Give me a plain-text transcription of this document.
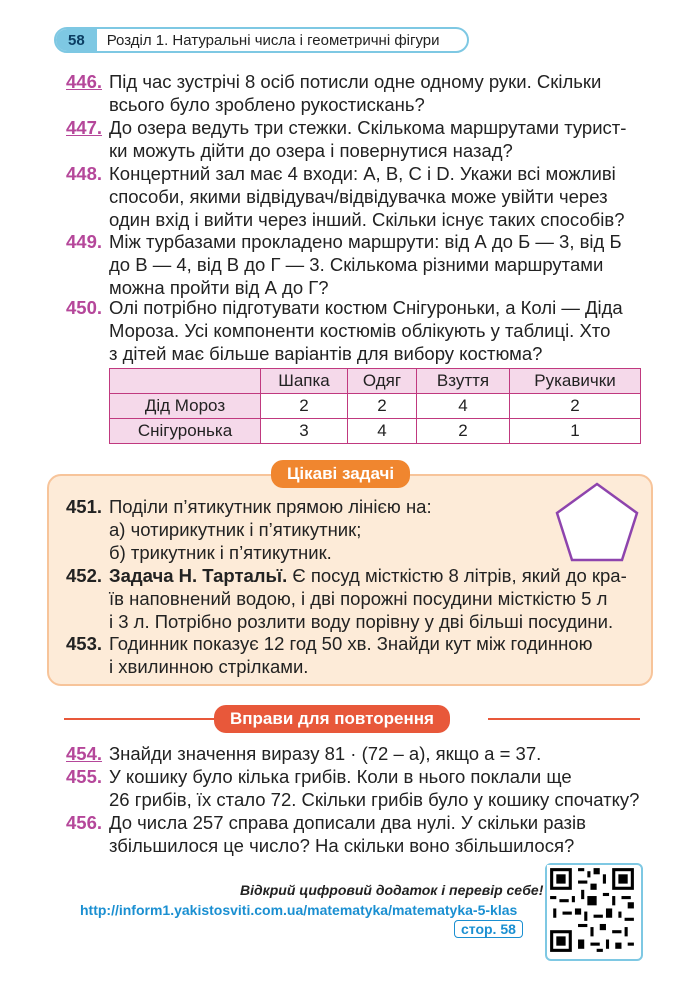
58	Розділ 1. Натуральні числа і геометричні фігури
446. Під час зустрічі 8 осіб потисли одне одному руки. Скільки
всього було зроблено рукостискань?
447. До озера ведуть три стежки. Скількома маршрутами турист-
ки можуть дійти до озера і повернутися назад?
448. Концертний зал має 4 входи: A, B, C і D. Укажи всі можливі
способи, якими відвідувач/відвідувачка може увійти через
один вхід і вийти через інший. Скільки існує таких способів?
449. Між турбазами прокладено маршрути: від А до Б — 3, від Б
до В — 4, від В до Г — 3. Скількома різними маршрутами
можна пройти від А до Г?
450. Олі потрібно підготувати костюм Снігуроньки, а Колі — Діда
Мороза. Усі компоненти костюмів облікують у таблиці. Хто
з дітей має більше варіантів для вибору костюма?
	Шапка	Одяг	Взуття	Рукавички
Дід Мороз	2	2	4	2
Снігуронька	3	4	2	1
Цікаві задачі
451. Поділи п’ятикутник прямою лінією на:
а) чотирикутник і п’ятикутник;
б) трикутник і п’ятикутник.
452. Задача Н. Тартальї. Є посуд місткістю 8 літрів, який до кра-
їв наповнений водою, і дві порожні посудини місткістю 5 л
і 3 л. Потрібно розлити воду порівну у дві більші посудини.
453. Годинник показує 12 год 50 хв. Знайди кут між годинною
і хвилинною стрілками.
Вправи для повторення
454. Знайди значення виразу 81 · (72 – a), якщо a = 37.
455. У кошику було кілька грибів. Коли в нього поклали ще
26 грибів, їх стало 72. Скільки грибів було у кошику спочатку?
456. До числа 257 справа дописали два нулі. У скільки разів
збільшилося це число? На скільки воно збільшилося?
Відкрий цифровий додаток і перевір себе!
http://inform1.yakistosviti.com.ua/matematyka/matematyka-5-klas
стор. 58
